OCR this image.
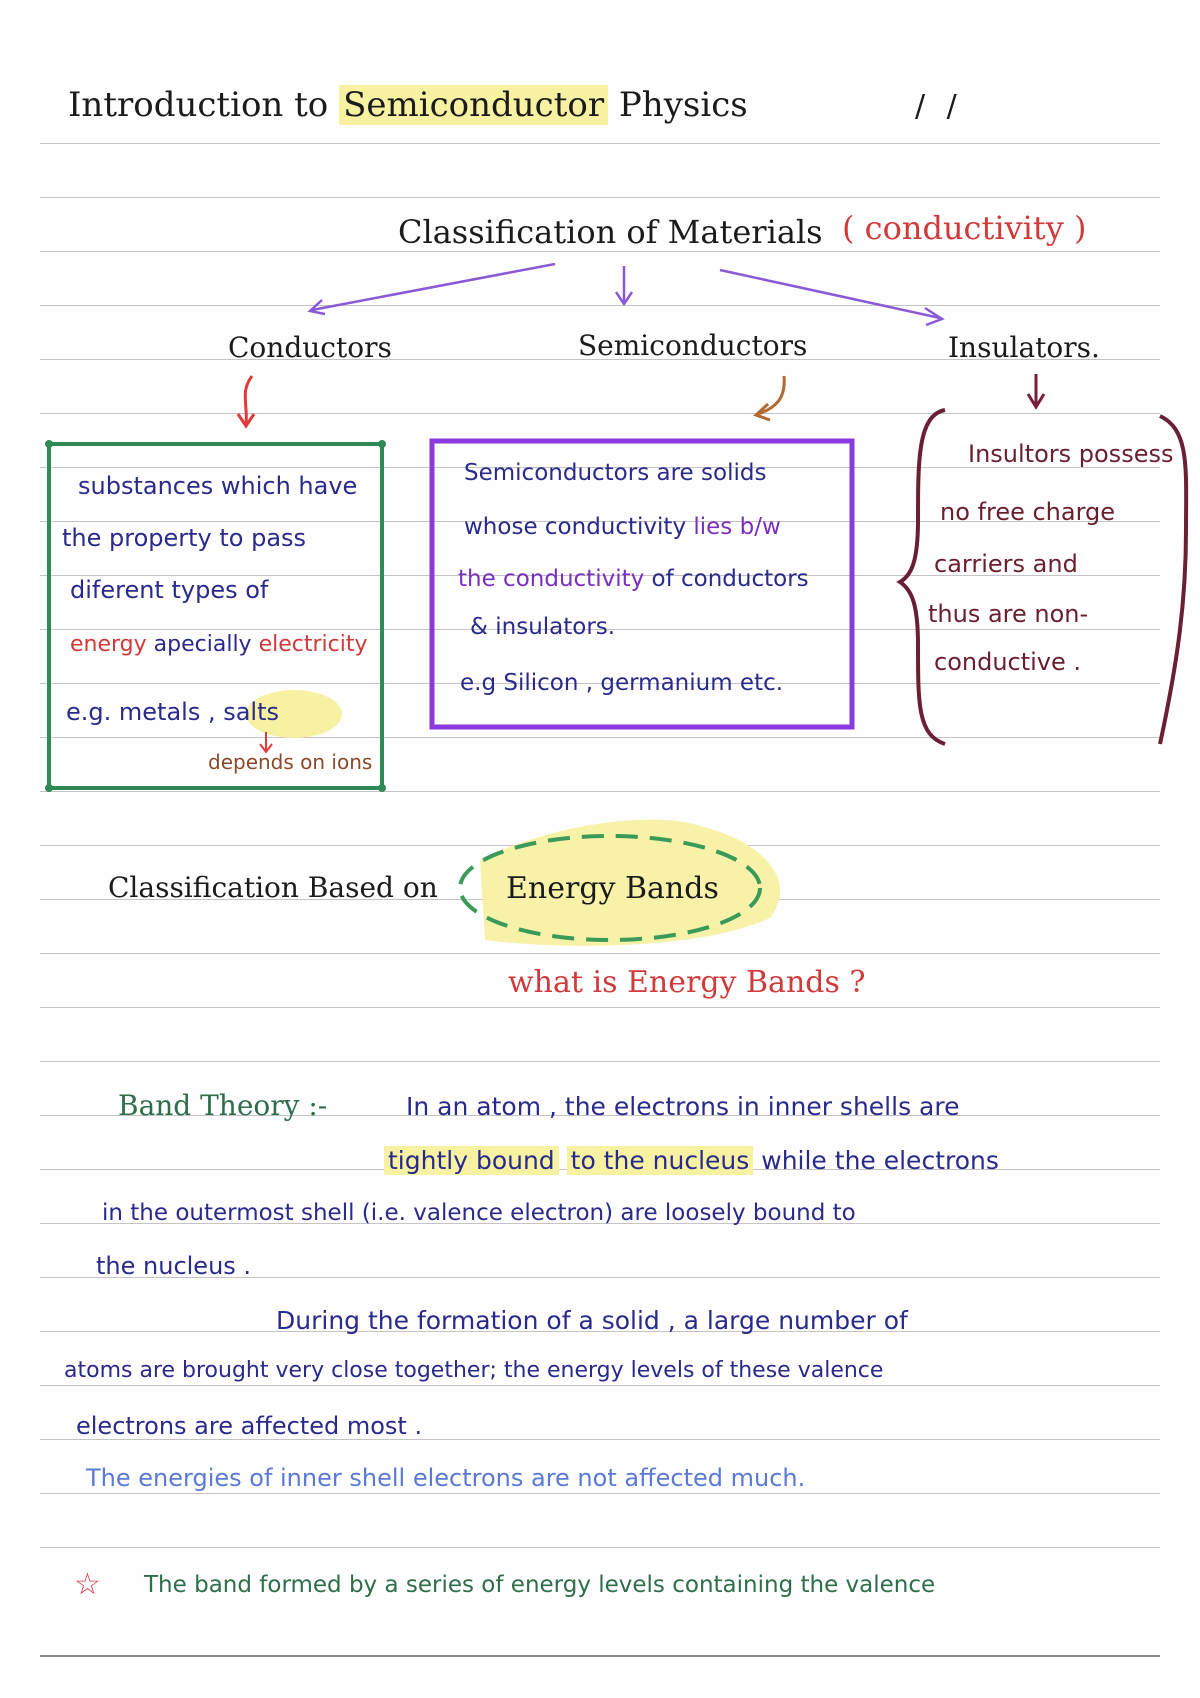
Introduction to Semiconductor Physics	/ /
Classification of Materials ( conductivity )
Conductors	Semiconductors	Insulators.
substances which have
the property to pass
diferent types of
energy apecially electricity
e.g. metals , salts
depends on ions
Semiconductors are solids
whose conductivity lies b/w
the conductivity of conductors
& insulators.
e.g Silicon , germanium etc.
Insultors possess
no free charge
carriers and
thus are non-
conductive .
Classification Based on Energy Bands
what is Energy Bands ?
Band Theory :-	In an atom , the electrons in inner shells are
tightly bound to the nucleus while the electrons
in the outermost shell (i.e. valence electron) are loosely bound to
the nucleus .
During the formation of a solid , a large number of
atoms are brought very close together; the energy levels of these valence
electrons are affected most .
The energies of inner shell electrons are not affected much.
☆ The band formed by a series of energy levels containing the valence
